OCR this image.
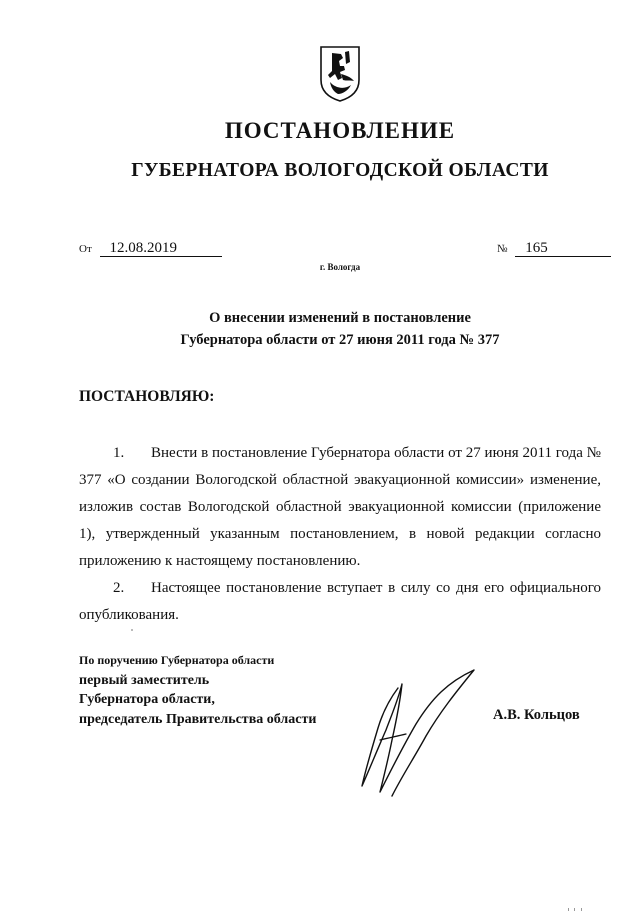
ПОСТАНОВЛЕНИЕ
ГУБЕРНАТОРА ВОЛОГОДСКОЙ ОБЛАСТИ
От 12.08.2019	№ 165
г. Вологда
О внесении изменений в постановление
Губернатора области от 27 июня 2011 года № 377
ПОСТАНОВЛЯЮ:

1. Внести в постановление Губернатора области от 27 июня 2011 года № 377 «О создании Вологодской областной эвакуационной комиссии» изменение, изложив состав Вологодской областной эвакуационной комиссии (приложение 1), утвержденный указанным постановлением, в новой редакции согласно приложению к настоящему постановлению.

2. Настоящее постановление вступает в силу со дня его официального опубликования.

По поручению Губернатора области
первый заместитель
Губернатора области,
председатель Правительства области	А.В. Кольцов
